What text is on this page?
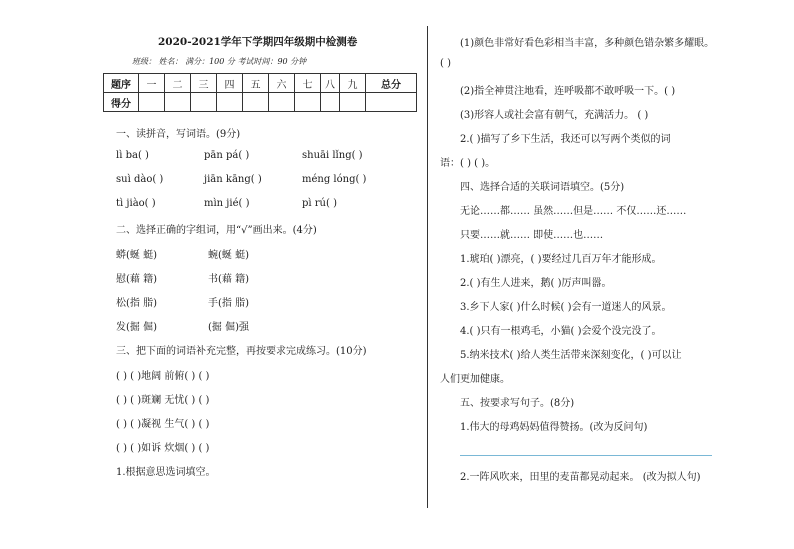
2020-2021学年下学期四年级期中检测卷
班级： 姓名： 满分：100 分 考试时间：90 分钟
题序	一	二	三	四	五	六	七	八	九	总分
得分										
一、读拼音，写词语。(9分)
lì ba( )	pān pá( )	shuāi lǐng( )
suì dào( )	jiān kāng( )	méng lóng( )
tì jiào( )	mìn jié( )	pì rú( )
二、选择正确的字组词，用“√”画出来。(4分)
蟒(蜒 蜓)	蜿(蜒 蜓)
慰(藉 籍)	书(藉 籍)
松(指 脂)	手(指 脂)
发(掘 倔)	(掘 倔)强
三、把下面的词语补充完整，再按要求完成练习。(10分)
( ) ( )地阔 前俯( ) ( )
( ) ( )斑斓 无忧( ) ( )
( ) ( )凝视 生气( ) ( )
( ) ( )如诉 炊烟( ) ( )
1.根据意思选词填空。
(1)颜色非常好看色彩相当丰富，多种颜色错杂繁多耀眼。
( )
(2)指全神贯注地看，连呼吸都不敢呼吸一下。( )
(3)形容人或社会富有朝气，充满活力。 ( )
2.( )描写了乡下生活，我还可以写两个类似的词
语：( ) ( )。
四、选择合适的关联词语填空。(5分)
无论……都…… 虽然……但是…… 不仅……还……
只要……就…… 即使……也……
1.琥珀( )漂亮，( )要经过几百万年才能形成。
2.( )有生人进来，鹅( )厉声叫嚣。
3.乡下人家( )什么时候( )会有一道迷人的风景。
4.( )只有一根鸡毛，小猫( )会爱个没完没了。
5.纳米技术( )给人类生活带来深刻变化，( )可以让
人们更加健康。
五、按要求写句子。(8分)
1.伟大的母鸡妈妈值得赞扬。(改为反问句)
2.一阵风吹来，田里的麦苗都晃动起来。 (改为拟人句)
